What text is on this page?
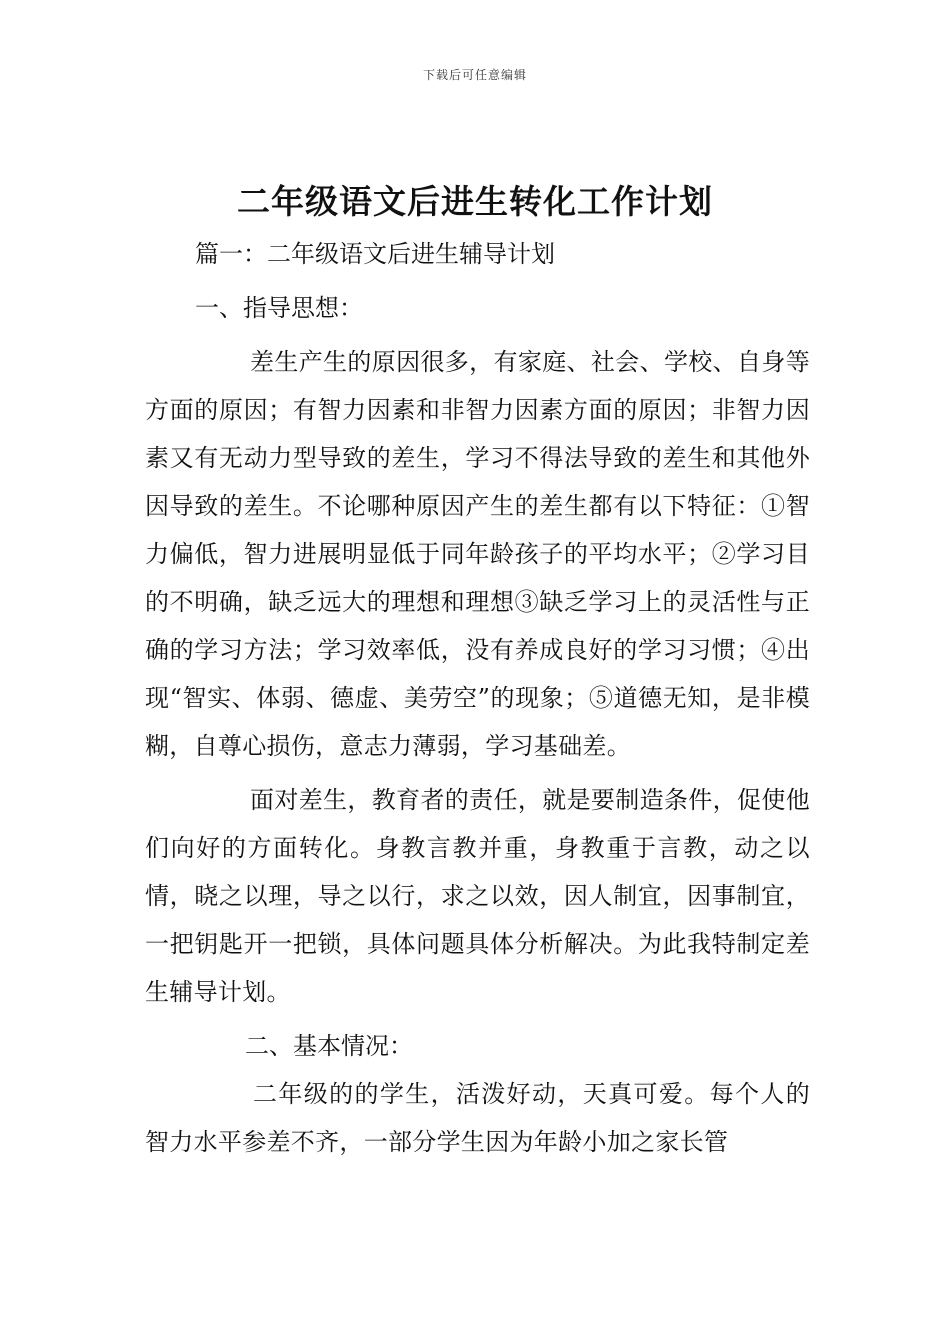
下载后可任意编辑
二年级语文后进生转化工作计划

篇一：二年级语文后进生辅导计划

一、指导思想：

差生产生的原因很多，有家庭、社会、学校、自身等方面的原因；有智力因素和非智力因素方面的原因；非智力因素又有无动力型导致的差生，学习不得法导致的差生和其他外因导致的差生。不论哪种原因产生的差生都有以下特征：①智力偏低，智力进展明显低于同年龄孩子的平均水平；②学习目的不明确，缺乏远大的理想和理想③缺乏学习上的灵活性与正确的学习方法；学习效率低，没有养成良好的学习习惯；④出现“智实、体弱、德虚、美劳空”的现象；⑤道德无知，是非模糊，自尊心损伤，意志力薄弱，学习基础差。

面对差生，教育者的责任，就是要制造条件，促使他们向好的方面转化。身教言教并重，身教重于言教，动之以情，晓之以理，导之以行，求之以效，因人制宜，因事制宜，一把钥匙开一把锁，具体问题具体分析解决。为此我特制定差生辅导计划。

二、基本情况：

二年级的的学生，活泼好动，天真可爱。每个人的智力水平参差不齐，一部分学生因为年龄小加之家长管
